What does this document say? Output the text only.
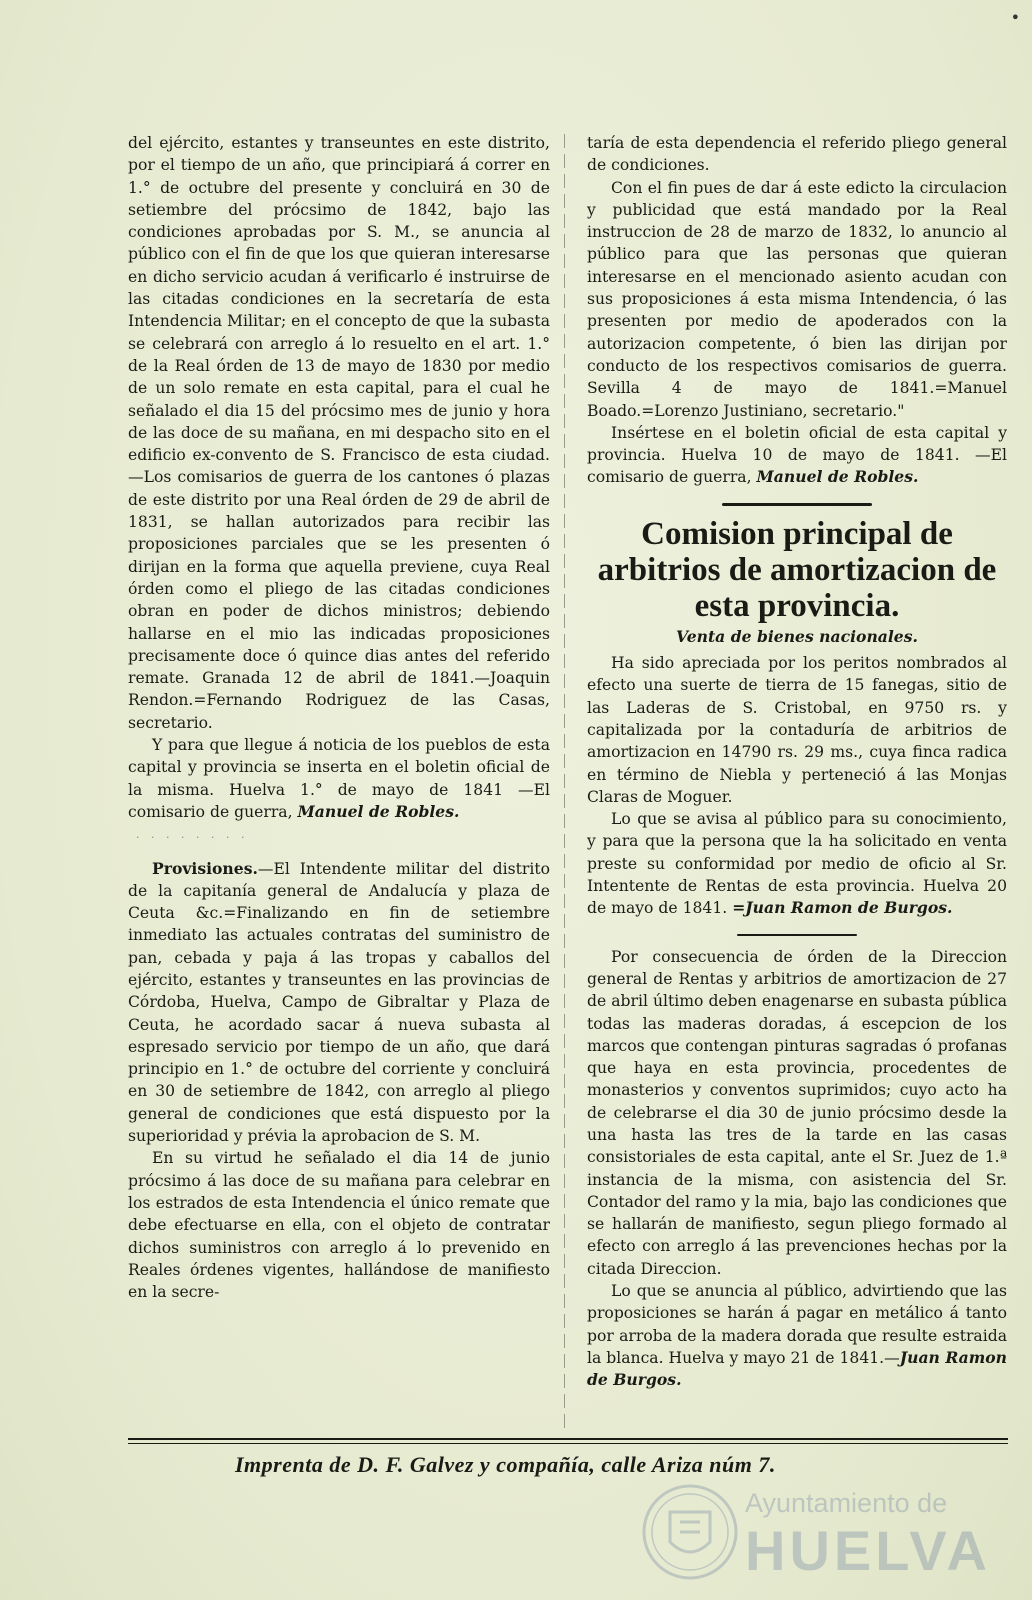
•

del ejército, estantes y transeuntes en este distrito, por el tiempo de un año, que principiará á correr en 1.° de octubre del presente y concluirá en 30 de setiembre del prócsimo de 1842, bajo las condiciones aprobadas por S. M., se anuncia al público con el fin de que los que quieran interesarse en dicho servicio acudan á verificarlo é instruirse de las citadas condiciones en la secretaría de esta Intendencia Militar; en el concepto de que la subasta se celebrará con arreglo á lo resuelto en el art. 1.° de la Real órden de 13 de mayo de 1830 por medio de un solo remate en esta capital, para el cual he señalado el dia 15 del prócsimo mes de junio y hora de las doce de su mañana, en mi despacho sito en el edificio ex-convento de S. Francisco de esta ciudad.—Los comisarios de guerra de los cantones ó plazas de este distrito por una Real órden de 29 de abril de 1831, se hallan autorizados para recibir las proposiciones parciales que se les presenten ó dirijan en la forma que aquella previene, cuya Real órden como el pliego de las citadas condiciones obran en poder de dichos ministros; debiendo hallarse en el mio las indicadas proposiciones precisamente doce ó quince dias antes del referido remate. Granada 12 de abril de 1841.—Joaquin Rendon.=Fernando Rodriguez de las Casas, secretario.

Y para que llegue á noticia de los pueblos de esta capital y provincia se inserta en el boletin oficial de la misma. Huelva 1.° de mayo de 1841 —El comisario de guerra, Manuel de Robles.

· · · · · · · ·

Provisiones.—El Intendente militar del distrito de la capitanía general de Andalucía y plaza de Ceuta &c.=Finalizando en fin de setiembre inmediato las actuales contratas del suministro de pan, cebada y paja á las tropas y caballos del ejército, estantes y transeuntes en las provincias de Córdoba, Huelva, Campo de Gibraltar y Plaza de Ceuta, he acordado sacar á nueva subasta al espresado servicio por tiempo de un año, que dará principio en 1.° de octubre del corriente y concluirá en 30 de setiembre de 1842, con arreglo al pliego general de condiciones que está dispuesto por la superioridad y prévia la aprobacion de S. M.

En su virtud he señalado el dia 14 de junio prócsimo á las doce de su mañana para celebrar en los estrados de esta Intendencia el único remate que debe efectuarse en ella, con el objeto de contratar dichos suministros con arreglo á lo prevenido en Reales órdenes vigentes, hallándose de manifiesto en la secre-

taría de esta dependencia el referido pliego general de condiciones.

Con el fin pues de dar á este edicto la circulacion y publicidad que está mandado por la Real instruccion de 28 de marzo de 1832, lo anuncio al público para que las personas que quieran interesarse en el mencionado asiento acudan con sus proposiciones á esta misma Intendencia, ó las presenten por medio de apoderados con la autorizacion competente, ó bien las dirijan por conducto de los respectivos comisarios de guerra. Sevilla 4 de mayo de 1841.=Manuel Boado.=Lorenzo Justiniano, secretario."

Insértese en el boletin oficial de esta capital y provincia. Huelva 10 de mayo de 1841. —El comisario de guerra, Manuel de Robles.

Comision principal de arbitrios de amortizacion de esta provincia.
Venta de bienes nacionales.

Ha sido apreciada por los peritos nombrados al efecto una suerte de tierra de 15 fanegas, sitio de las Laderas de S. Cristobal, en 9750 rs. y capitalizada por la contaduría de arbitrios de amortizacion en 14790 rs. 29 ms., cuya finca radica en término de Niebla y perteneció á las Monjas Claras de Moguer.

Lo que se avisa al público para su conocimiento, y para que la persona que la ha solicitado en venta preste su conformidad por medio de oficio al Sr. Intentente de Rentas de esta provincia. Huelva 20 de mayo de 1841. =Juan Ramon de Burgos.

Por consecuencia de órden de la Direccion general de Rentas y arbitrios de amortizacion de 27 de abril último deben enagenarse en subasta pública todas las maderas doradas, á escepcion de los marcos que contengan pinturas sagradas ó profanas que haya en esta provincia, procedentes de monasterios y conventos suprimidos; cuyo acto ha de celebrarse el dia 30 de junio prócsimo desde la una hasta las tres de la tarde en las casas consistoriales de esta capital, ante el Sr. Juez de 1.ª instancia de la misma, con asistencia del Sr. Contador del ramo y la mia, bajo las condiciones que se hallarán de manifiesto, segun pliego formado al efecto con arreglo á las prevenciones hechas por la citada Direccion.

Lo que se anuncia al público, advirtiendo que las proposiciones se harán á pagar en metálico á tanto por arroba de la madera dorada que resulte estraida la blanca. Huelva y mayo 21 de 1841.—Juan Ramon de Burgos.

Imprenta de D. F. Galvez y compañía, calle Ariza núm 7.
Ayuntamiento de
HUELVA
